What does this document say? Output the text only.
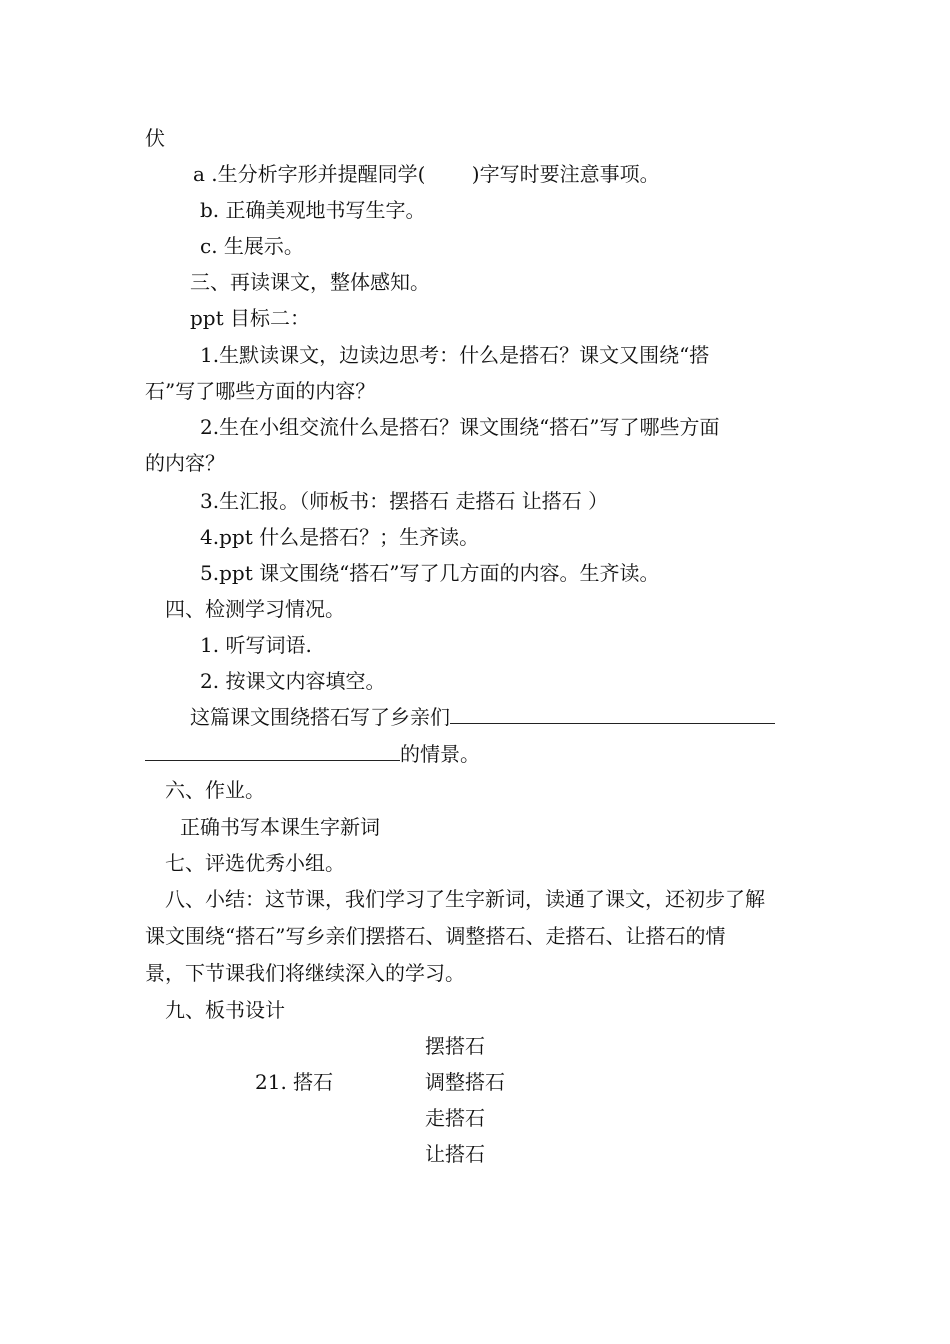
伏
a .生分析字形并提醒同学(　　 )字写时要注意事项。
b. 正确美观地书写生字。
c. 生展示。
三、再读课文，整体感知。
ppt 目标二：
1.生默读课文，边读边思考：什么是搭石？课文又围绕“搭
石”写了哪些方面的内容？
2.生在小组交流什么是搭石？课文围绕“搭石”写了哪些方面
的内容？
3.生汇报。（师板书：摆搭石 走搭石 让搭石 ）
4.ppt 什么是搭石？；生齐读。
5.ppt 课文围绕“搭石”写了几方面的内容。生齐读。
四、检测学习情况。
1. 听写词语.
2. 按课文内容填空。
这篇课文围绕搭石写了乡亲们
的情景。
六、作业。
正确书写本课生字新词
七、评选优秀小组。
八、小结：这节课，我们学习了生字新词，读通了课文，还初步了解
课文围绕“搭石”写乡亲们摆搭石、调整搭石、走搭石、让搭石的情
景，下节课我们将继续深入的学习。
九、板书设计
21. 搭石
摆搭石
调整搭石
走搭石
让搭石
